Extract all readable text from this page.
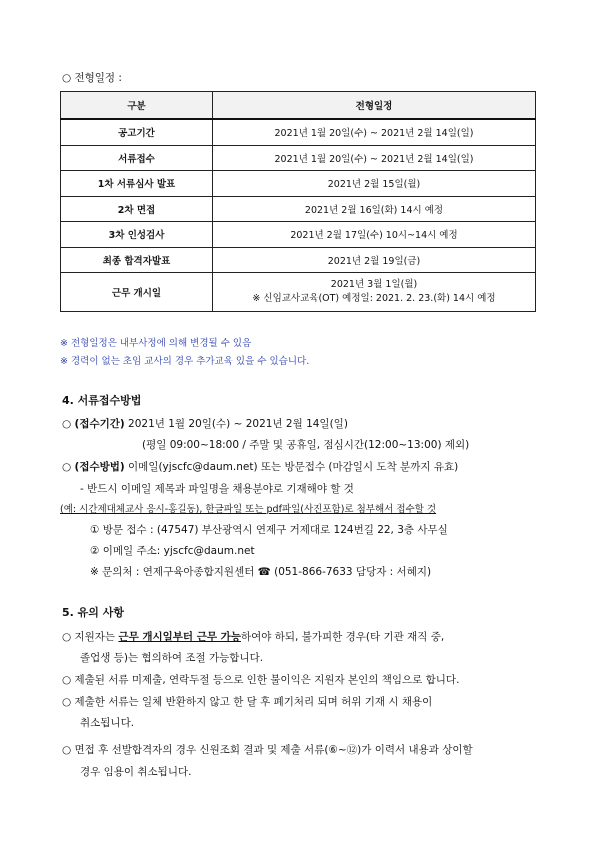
○ 전형일정 :
구분	전형일정
공고기간	2021년 1월 20일(수) ~ 2021년 2월 14일(일)
서류접수	2021년 1월 20일(수) ~ 2021년 2월 14일(일)
1차 서류심사 발표	2021년 2월 15일(월)
2차 면접	2021년 2월 16일(화) 14시 예정
3차 인성검사	2021년 2월 17일(수) 10시~14시 예정
최종 합격자발표	2021년 2월 19일(금)
근무 개시일	2021년 3월 1일(월)
※ 신임교사교육(OT) 예정일: 2021. 2. 23.(화) 14시 예정
※ 전형일정은 내부사정에 의해 변경될 수 있음
※ 경력이 없는 초임 교사의 경우 추가교육 있을 수 있습니다.
4. 서류접수방법
○ (접수기간) 2021년 1월 20일(수) ~ 2021년 2월 14일(일)
(평일 09:00~18:00 / 주말 및 공휴일, 점심시간(12:00~13:00) 제외)
○ (접수방법) 이메일(yjscfc@daum.net) 또는 방문접수 (마감일시 도착 분까지 유효)
- 반드시 이메일 제목과 파일명을 채용분야로 기재해야 할 것
(예: 시간제대체교사 응시-홍길동), 한글파일 또는 pdf파일(사진포함)로 첨부해서 접수할 것
① 방문 접수 : (47547) 부산광역시 연제구 거제대로 124번길 22, 3층 사무실
② 이메일 주소: yjscfc@daum.net
※ 문의처 : 연제구육아종합지원센터 ☎ (051-866-7633 담당자 : 서혜지)
5. 유의 사항
○ 지원자는 근무 개시일부터 근무 가능하여야 하되, 불가피한 경우(타 기관 재직 중,
졸업생 등)는 협의하여 조절 가능합니다.
○ 제출된 서류 미제출, 연락두절 등으로 인한 불이익은 지원자 본인의 책임으로 합니다.
○ 제출한 서류는 일체 반환하지 않고 한 달 후 폐기처리 되며 허위 기재 시 채용이
취소됩니다.
○ 면접 후 선발합격자의 경우 신원조회 결과 및 제출 서류(⑥~⑫)가 이력서 내용과 상이할
경우 임용이 취소됩니다.
